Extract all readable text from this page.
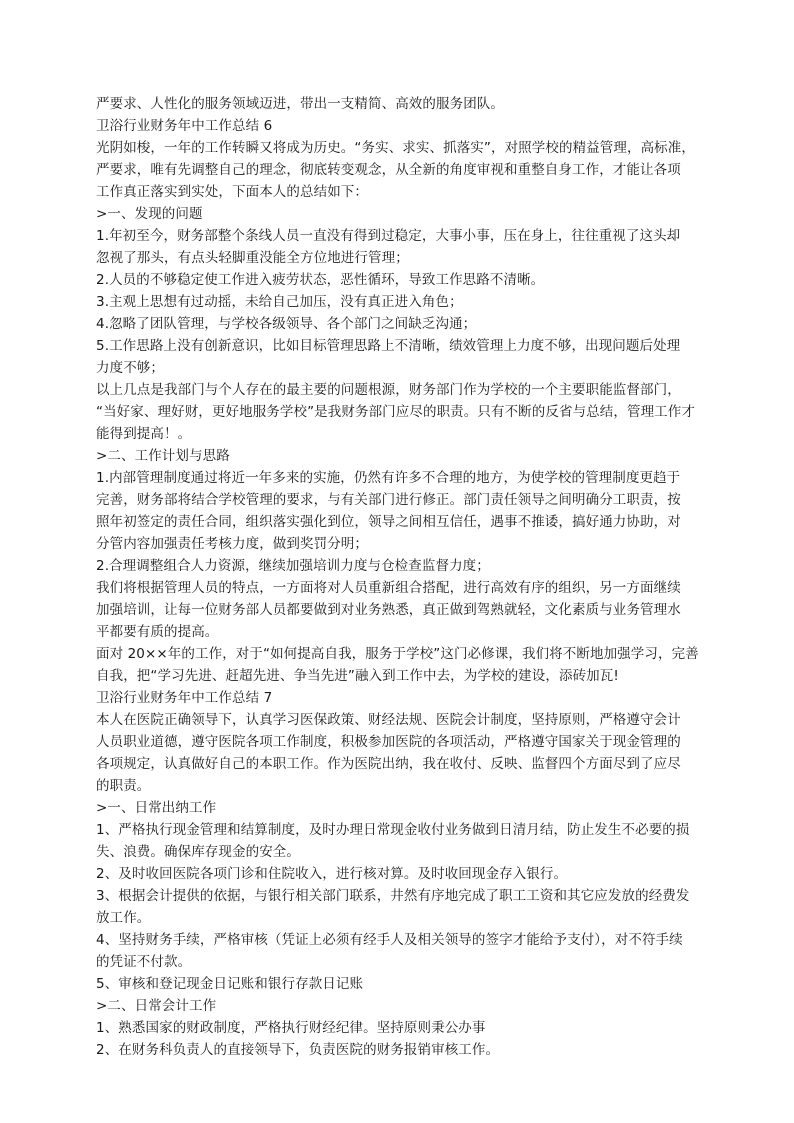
严要求、人性化的服务领域迈进，带出一支精简、高效的服务团队。
卫浴行业财务年中工作总结 6
光阴如梭，一年的工作转瞬又将成为历史。“务实、求实、抓落实”，对照学校的精益管理，高标准，
严要求，唯有先调整自己的理念，彻底转变观念，从全新的角度审视和重整自身工作，才能让各项
工作真正落实到实处，下面本人的总结如下：
>一、发现的问题
1.年初至今，财务部整个条线人员一直没有得到过稳定，大事小事，压在身上，往往重视了这头却
忽视了那头，有点头轻脚重没能全方位地进行管理；
2.人员的不够稳定使工作进入疲劳状态，恶性循环，导致工作思路不清晰。
3.主观上思想有过动摇，未给自己加压，没有真正进入角色；
4.忽略了团队管理，与学校各级领导、各个部门之间缺乏沟通；
5.工作思路上没有创新意识，比如目标管理思路上不清晰，绩效管理上力度不够，出现问题后处理
力度不够；
以上几点是我部门与个人存在的最主要的问题根源，财务部门作为学校的一个主要职能监督部门，
“当好家、理好财，更好地服务学校”是我财务部门应尽的职责。只有不断的反省与总结，管理工作才
能得到提高！。
>二、工作计划与思路
1.内部管理制度通过将近一年多来的实施，仍然有许多不合理的地方，为使学校的管理制度更趋于
完善，财务部将结合学校管理的要求，与有关部门进行修正。部门责任领导之间明确分工职责，按
照年初签定的责任合同，组织落实强化到位，领导之间相互信任，遇事不推诿，搞好通力协助，对
分管内容加强责任考核力度，做到奖罚分明；
2.合理调整组合人力资源，继续加强培训力度与仓检查监督力度；
我们将根据管理人员的特点，一方面将对人员重新组合搭配，进行高效有序的组织，另一方面继续
加强培训，让每一位财务部人员都要做到对业务熟悉，真正做到驾熟就轻，文化素质与业务管理水
平都要有质的提高。
面对 20××年的工作，对于“如何提高自我，服务于学校”这门必修课，我们将不断地加强学习，完善
自我，把“学习先进、赶超先进、争当先进”融入到工作中去，为学校的建设，添砖加瓦!
卫浴行业财务年中工作总结 7
本人在医院正确领导下，认真学习医保政策、财经法规、医院会计制度，坚持原则，严格遵守会计
人员职业道德，遵守医院各项工作制度，积极参加医院的各项活动，严格遵守国家关于现金管理的
各项规定，认真做好自己的本职工作。作为医院出纳，我在收付、反映、监督四个方面尽到了应尽
的职责。
>一、日常出纳工作
1、严格执行现金管理和结算制度，及时办理日常现金收付业务做到日清月结，防止发生不必要的损
失、浪费。确保库存现金的安全。
2、及时收回医院各项门诊和住院收入，进行核对算。及时收回现金存入银行。
3、根据会计提供的依据，与银行相关部门联系，井然有序地完成了职工工资和其它应发放的经费发
放工作。
4、坚持财务手续，严格审核（凭证上必须有经手人及相关领导的签字才能给予支付），对不符手续
的凭证不付款。
5、审核和登记现金日记账和银行存款日记账
>二、日常会计工作
1、熟悉国家的财政制度，严格执行财经纪律。坚持原则秉公办事
2、在财务科负责人的直接领导下，负责医院的财务报销审核工作。
